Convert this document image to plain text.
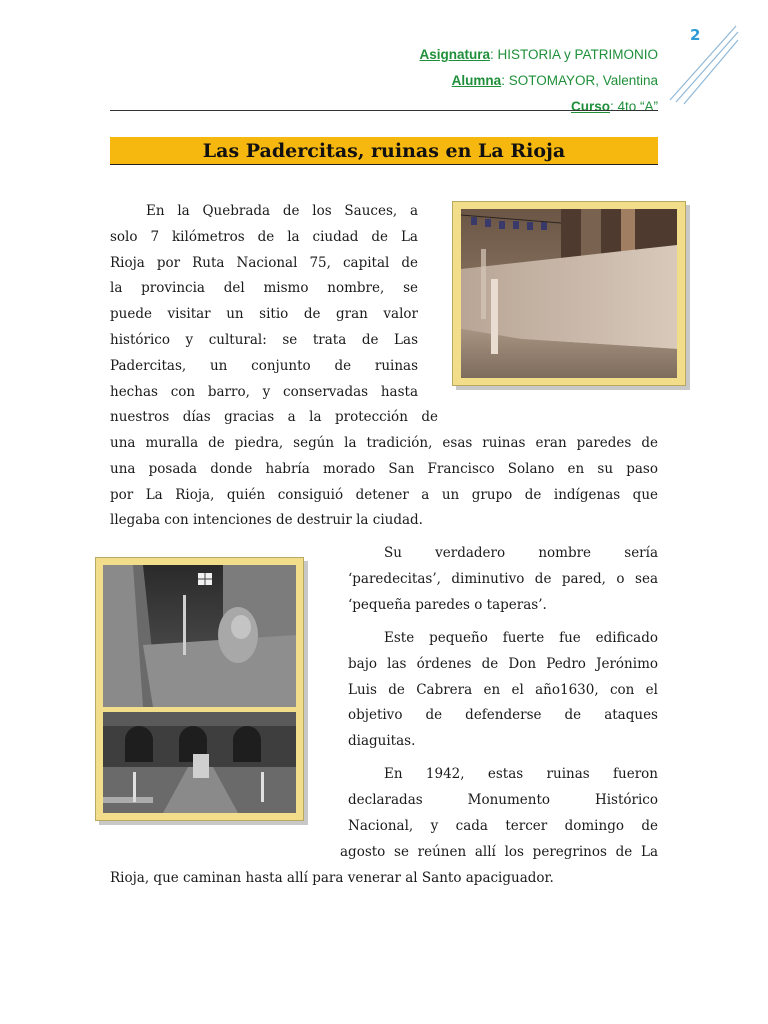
2
Asignatura: HISTORIA y PATRIMONIO
Alumna: SOTOMAYOR, Valentina
Curso: 4to “A”
Las Padercitas, ruinas en La Rioja
En la Quebrada de los Sauces, a
solo 7 kilómetros de la ciudad de La
Rioja por Ruta Nacional 75, capital de
la provincia del mismo nombre, se
puede visitar un sitio de gran valor
histórico y cultural: se trata de Las
Padercitas, un conjunto de ruinas
hechas con barro, y conservadas hasta
nuestros días gracias a la protección de
una muralla de piedra, según la tradición, esas ruinas eran paredes de
una posada donde habría morado San Francisco Solano en su paso
por La Rioja, quién consiguió detener a un grupo de indígenas que
llegaba con intenciones de destruir la ciudad.
Su verdadero nombre sería
‘paredecitas’, diminutivo de pared, o sea
‘pequeña paredes o taperas’.
Este pequeño fuerte fue edificado
bajo las órdenes de Don Pedro Jerónimo
Luis de Cabrera en el año1630, con el
objetivo de defenderse de ataques
diaguitas.
En 1942, estas ruinas fueron
declaradas Monumento Histórico
Nacional, y cada tercer domingo de
agosto se reúnen allí los peregrinos de La
Rioja, que caminan hasta allí para venerar al Santo apaciguador.
